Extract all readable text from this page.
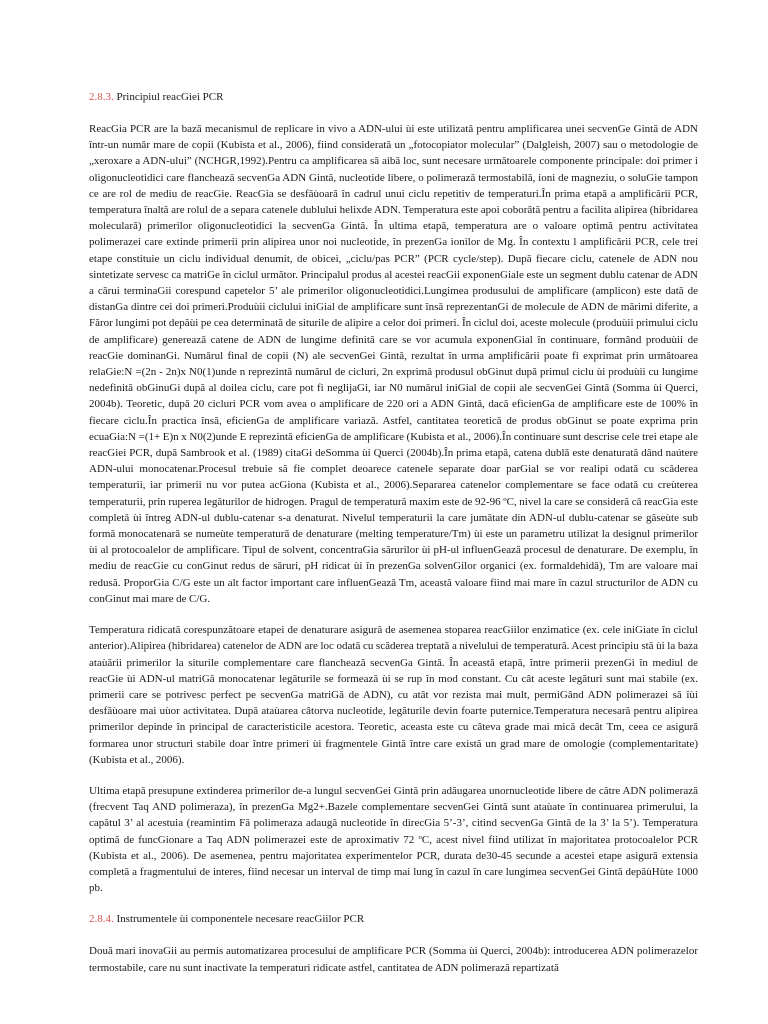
2.8.3. Principiul reacGiei PCR

ReacGia PCR are la bază mecanismul de replicare in vivo a ADN-ului ùi este utilizată pentru amplificarea unei secvenGe Gintă de ADN într-un număr mare de copii (Kubista et al., 2006), fiind considerată un „fotocopiator molecular” (Dalgleish, 2007) sau o metodologie de „xeroxare a ADN-ului” (NCHGR,1992).Pentru ca amplificarea să aibă loc, sunt necesare următoarele componente principale: doi primer i oligonucleotidici care flanchează secvenGa ADN Gintă, nucleotide libere, o polimerază termostabilă, ioni de magneziu, o soluGie tampon ce are rol de mediu de reacGie. ReacGia se desfăùoară în cadrul unui ciclu repetitiv de temperaturi.În prima etapă a amplificării PCR, temperatura înaltă are rolul de a separa catenele dublului helixde ADN. Temperatura este apoi coborâtă pentru a facilita alipirea (hibridarea moleculară) primerilor oligonucleotidici la secvenGa Gintă. În ultima etapă, temperatura are o valoare optimă pentru activitatea polimerazei care extinde primerii prin alipirea unor noi nucleotide, în prezenGa ionilor de Mg. În contextu l amplificării PCR, cele trei etape constituie un ciclu individual denumit, de obicei, „ciclu/pas PCR” (PCR cycle/step). După fiecare ciclu, catenele de ADN nou sintetizate servesc ca matriGe în ciclul următor. Principalul produs al acestei reacGii exponenGiale este un segment dublu catenar de ADN a cărui terminaGii corespund capetelor 5’ ale primerilor oligonucleotidici.Lungimea produsului de amplificare (amplicon) este dată de distanGa dintre cei doi primeri.Produùii ciclului iniGial de amplificare sunt însă reprezentanGi de molecule de ADN de mărimi diferite, a Făror lungimi pot depăùi pe cea determinată de siturile de alipire a celor doi primeri. În ciclul doi, aceste molecule (produùii primului ciclu de amplificare) generează catene de ADN de lungime definită care se vor acumula exponenGial în continuare, formând produùii de reacGie dominanGi. Numărul final de copii (N) ale secvenGei Gintă, rezultat în urma amplificării poate fi exprimat prin următoarea relaGie:N =(2n - 2n)x N0(1)unde n reprezintă numărul de cicluri, 2n exprimă produsul obGinut după primul ciclu ùi produùii cu lungime nedefinită obGinuGi după al doilea ciclu, care pot fi neglijaGi, iar N0 numărul iniGial de copii ale secvenGei Gintă (Somma ùi Querci, 2004b). Teoretic, după 20 cicluri PCR vom avea o amplificare de 220 ori a ADN Gintă, dacă eficienGa de amplificare este de 100% în fiecare ciclu.În practica însă, eficienGa de amplificare variază. Astfel, cantitatea teoretică de produs obGinut se poate exprima prin ecuaGia:N =(1+ E)n x N0(2)unde E reprezintă eficienGa de amplificare (Kubista et al., 2006).În continuare sunt descrise cele trei etape ale reacGiei PCR, după Sambrook et al. (1989) citaGi deSomma ùi Querci (2004b).În prima etapă, catena dublă este denaturată dând naútere ADN-ului monocatenar.Procesul trebuie să fie complet deoarece catenele separate doar parGial se vor realipi odată cu scăderea temperaturii, iar primerii nu vor putea acGiona (Kubista et al., 2006).Separarea catenelor complementare se face odată cu creùterea temperaturii, prin ruperea legăturilor de hidrogen. Pragul de temperatură maxim este de 92-96 ºC, nivel la care se consideră că reacGia este completă ùi întreg ADN-ul dublu-catenar s-a denaturat. Nivelul temperaturii la care jumătate din ADN-ul dublu-catenar se găseùte sub formă monocatenară se numeùte temperatură de denaturare (melting temperature/Tm) ùi este un parametru utilizat la designul primerilor ùi al protocoalelor de amplificare. Tipul de solvent, concentraGia sărurilor ùi pH-ul influenGează procesul de denaturare. De exemplu, în mediu de reacGie cu conGinut redus de săruri, pH ridicat ùi în prezenGa solvenGilor organici (ex. formaldehidă), Tm are valoare mai redusă. ProporGia C/G este un alt factor important care influenGează Tm, această valoare fiind mai mare în cazul structurilor de ADN cu conGinut mai mare de C/G.

Temperatura ridicată corespunzătoare etapei de denaturare asigură de asemenea stoparea reacGiilor enzimatice (ex. cele iniGiate în ciclul anterior).Alipirea (hibridarea) catenelor de ADN are loc odată cu scăderea treptată a nivelului de temperatură. Acest principiu stă ùi la baza ataùării primerilor la siturile complementare care flanchează secvenGa Gintă. În această etapă, între primerii prezenGi în mediul de reacGie ùi ADN-ul matriGă monocatenar legăturile se formează ùi se rup în mod constant. Cu cât aceste legături sunt mai stabile (ex. primerii care se potrivesc perfect pe secvenGa matriGă de ADN), cu atât vor rezista mai mult, permiGând ADN polimerazei să îùi desfăùoare mai uùor activitatea. După ataùarea câtorva nucleotide, legăturile devin foarte puternice.Temperatura necesară pentru alipirea primerilor depinde în principal de caracteristicile acestora. Teoretic, aceasta este cu câteva grade mai mică decât Tm, ceea ce asigură formarea unor structuri stabile doar între primeri ùi fragmentele Gintă între care există un grad mare de omologie (complementaritate) (Kubista et al., 2006).

Ultima etapă presupune extinderea primerilor de-a lungul secvenGei Gintă prin adăugarea unornucleotide libere de către ADN polimerază (frecvent Taq AND polimeraza), în prezenGa Mg2+.Bazele complementare secvenGei Gintă sunt ataùate în continuarea primerului, la capătul 3’ al acestuia (reamintim Fă polimeraza adaugă nucleotide în direcGia 5’-3’, citind secvenGa Gintă de la 3’ la 5’). Temperatura optimă de funcGionare a Taq ADN polimerazei este de aproximativ 72 ºC, acest nivel fiind utilizat în majoritatea protocoalelor PCR (Kubista et al., 2006). De asemenea, pentru majoritatea experimentelor PCR, durata de30-45 secunde a acestei etape asigură extensia completă a fragmentului de interes, fiind necesar un interval de timp mai lung în cazul în care lungimea secvenGei Gintă depăùHùte 1000 pb.

2.8.4. Instrumentele ùi componentele necesare reacGiilor PCR

Două mari inovaGii au permis automatizarea procesului de amplificare PCR (Somma ùi Querci, 2004b): introducerea ADN polimerazelor termostabile, care nu sunt inactivate la temperaturi ridicate astfel, cantitatea de ADN polimerază repartizată
